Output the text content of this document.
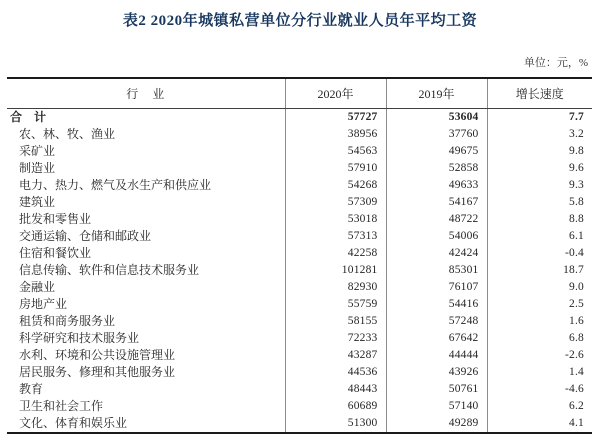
表2 2020年城镇私营单位分行业就业人员年平均工资
单位：元，%
行　业	2020年	2019年	增长速度
合　计	57727	53604	7.7
农、林、牧、渔业	38956	37760	3.2
采矿业	54563	49675	9.8
制造业	57910	52858	9.6
电力、热力、燃气及水生产和供应业	54268	49633	9.3
建筑业	57309	54167	5.8
批发和零售业	53018	48722	8.8
交通运输、仓储和邮政业	57313	54006	6.1
住宿和餐饮业	42258	42424	-0.4
信息传输、软件和信息技术服务业	101281	85301	18.7
金融业	82930	76107	9.0
房地产业	55759	54416	2.5
租赁和商务服务业	58155	57248	1.6
科学研究和技术服务业	72233	67642	6.8
水利、环境和公共设施管理业	43287	44444	-2.6
居民服务、修理和其他服务业	44536	43926	1.4
教育	48443	50761	-4.6
卫生和社会工作	60689	57140	6.2
文化、体育和娱乐业	51300	49289	4.1
